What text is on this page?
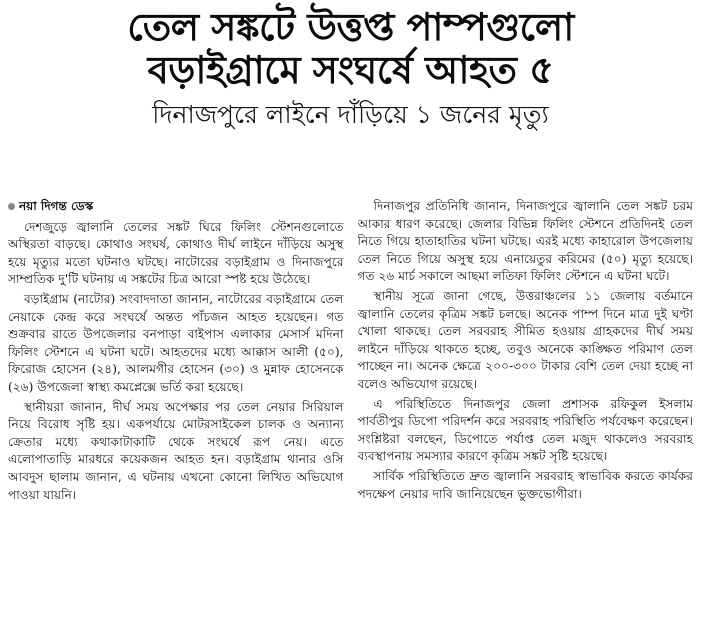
তেল সঙ্কটে উত্তপ্ত পাম্পগুলো
বড়াইগ্রামে সংঘর্ষে আহত ৫
দিনাজপুরে লাইনে দাঁড়িয়ে ১ জনের মৃত্যু
নয়া দিগন্ত ডেস্ক

দেশজুড়ে জ্বালানি তেলের সঙ্কট ঘিরে ফিলিং স্টেশনগুলোতে অস্থিরতা বাড়ছে। কোথাও সংঘর্ষ, কোথাও দীর্ঘ লাইনে দাঁড়িয়ে অসুস্থ হয়ে মৃত্যুর মতো ঘটনাও ঘটছে। নাটোরের বড়াইগ্রাম ও দিনাজপুরে সাম্প্রতিক দু'টি ঘটনায় এ সঙ্কটের চিত্র আরো স্পষ্ট হয়ে উঠেছে।

বড়াইগ্রাম (নাটোর) সংবাদদাতা জানান, নাটোরের বড়াইগ্রামে তেল নেয়াকে কেন্দ্র করে সংঘর্ষে অন্তত পাঁচজন আহত হয়েছেন। গত শুক্রবার রাতে উপজেলার বনপাড়া বাইপাস এলাকার মেসার্স মদিনা ফিলিং স্টেশনে এ ঘটনা ঘটে। আহতদের মধ্যে আক্কাস আলী (৫০), ফিরোজ হোসেন (২৪), আলমগীর হোসেন (৩০) ও মুন্নাফ হোসেনকে (২৬) উপজেলা স্বাস্থ্য কমপ্লেক্সে ভর্তি করা হয়েছে।

স্থানীয়রা জানান, দীর্ঘ সময় অপেক্ষার পর তেল নেয়ার সিরিয়াল নিয়ে বিরোধ সৃষ্টি হয়। একপর্যায়ে মোটরসাইকেল চালক ও অন্যান্য ক্রেতার মধ্যে কথাকাটাকাটি থেকে সংঘর্ষে রূপ নেয়। এতে এলোপাতাড়ি মারধরে কয়েকজন আহত হন। বড়াইগ্রাম থানার ওসি আবদুস ছালাম জানান, এ ঘটনায় এখনো কোনো লিখিত অভিযোগ পাওয়া যায়নি।

দিনাজপুর প্রতিনিধি জানান, দিনাজপুরে জ্বালানি তেল সঙ্কট চরম আকার ধারণ করেছে। জেলার বিভিন্ন ফিলিং স্টেশনে প্রতিদিনই তেল নিতে গিয়ে হাতাহাতির ঘটনা ঘটছে। এরই মধ্যে কাহারোল উপজেলায় তেল নিতে গিয়ে অসুস্থ হয়ে এনায়েতুর করিমের (৫০) মৃত্যু হয়েছে। গত ২৬ মার্চ সকালে আছমা লতিফা ফিলিং স্টেশনে এ ঘটনা ঘটে।

স্থানীয় সূত্রে জানা গেছে, উত্তরাঞ্চলের ১১ জেলায় বর্তমানে জ্বালানি তেলের কৃত্রিম সঙ্কট চলছে। অনেক পাম্প দিনে মাত্র দুই ঘণ্টা খোলা থাকছে। তেল সরবরাহ সীমিত হওয়ায় গ্রাহকদের দীর্ঘ সময় লাইনে দাঁড়িয়ে থাকতে হচ্ছে, তবুও অনেকে কাঙ্ক্ষিত পরিমাণ তেল পাচ্ছেন না। অনেক ক্ষেত্রে ২০০-৩০০ টাকার বেশি তেল দেয়া হচ্ছে না বলেও অভিযোগ রয়েছে।

এ পরিস্থিতিতে দিনাজপুর জেলা প্রশাসক রফিকুল ইসলাম পার্বতীপুর ডিপো পরিদর্শন করে সরবরাহ পরিস্থিতি পর্যবেক্ষণ করেছেন। সংশ্লিষ্টরা বলছেন, ডিপোতে পর্যাপ্ত তেল মজুদ থাকলেও সরবরাহ ব্যবস্থাপনায় সমস্যার কারণে কৃত্রিম সঙ্কট সৃষ্টি হয়েছে।

সার্বিক পরিস্থিতিতে দ্রুত জ্বালানি সরবরাহ স্বাভাবিক করতে কার্যকর পদক্ষেপ নেয়ার দাবি জানিয়েছেন ভুক্তভোগীরা।
